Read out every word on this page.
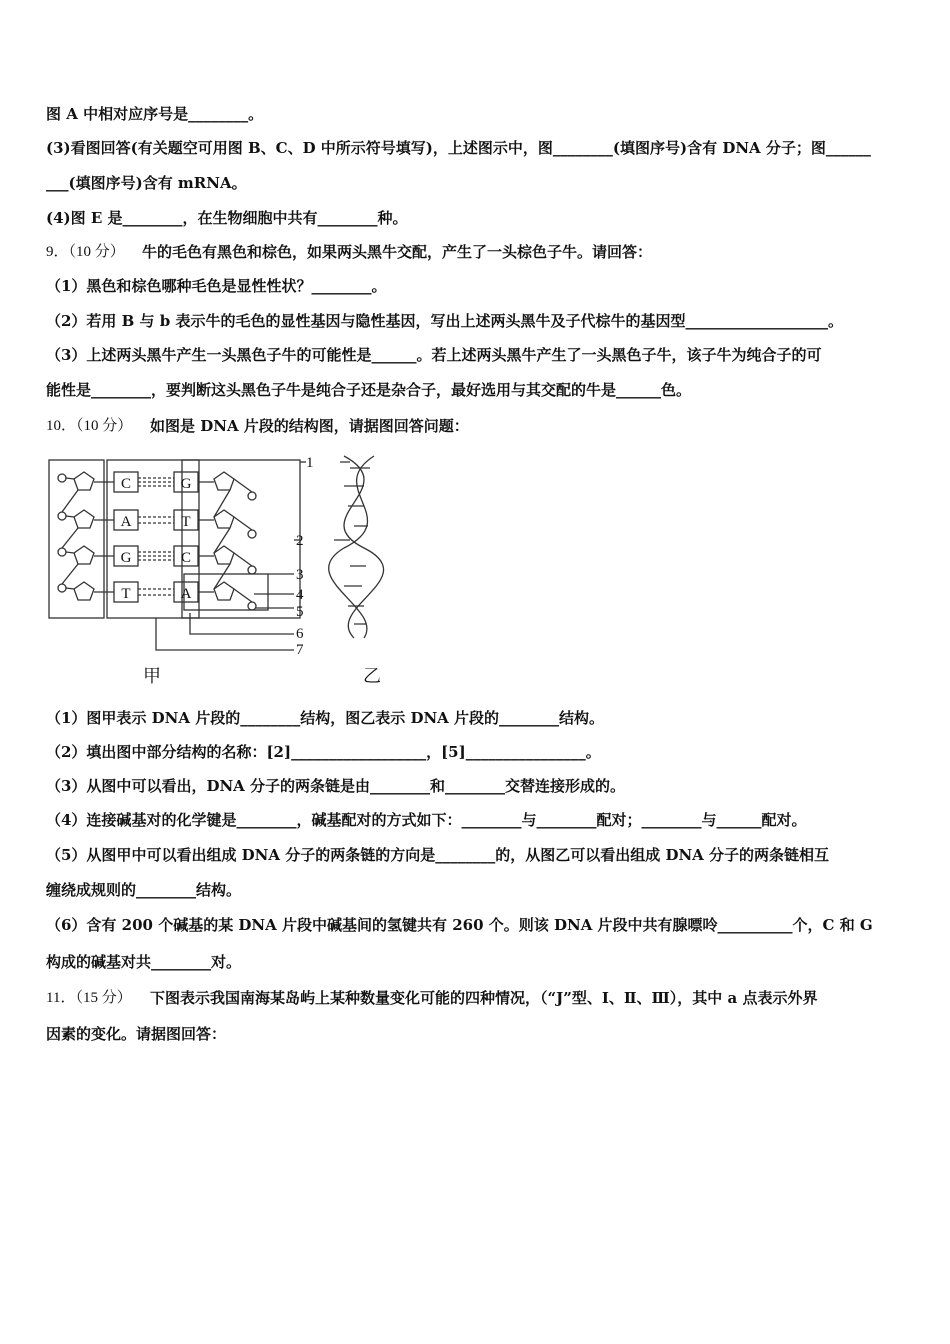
图 A 中相对应序号是________。
(3)看图回答(有关题空可用图 B、C、D 中所示符号填写)，上述图示中，图________(填图序号)含有 DNA 分子；图______
___(填图序号)含有 mRNA。
(4)图 E 是________，在生物细胞中共有________种。
9．（10 分） 牛的毛色有黑色和棕色，如果两头黑牛交配，产生了一头棕色子牛。请回答：
（1）黑色和棕色哪种毛色是显性性状？________。
（2）若用 B 与 b 表示牛的毛色的显性基因与隐性基因，写出上述两头黑牛及子代棕牛的基因型___________________。
（3）上述两头黑牛产生一头黑色子牛的可能性是______。若上述两头黑牛产生了一头黑色子牛，该子牛为纯合子的可
能性是________，要判断这头黑色子牛是纯合子还是杂合子，最好选用与其交配的牛是______色。
10．（10 分） 如图是 DNA 片段的结构图，请据图回答问题：
C
A
G
T
G
T
C
A
1
2
3
4
5
6
7
甲	乙
（1）图甲表示 DNA 片段的________结构，图乙表示 DNA 片段的________结构。
（2）填出图中部分结构的名称：[2]__________________，[5]________________。
（3）从图中可以看出，DNA 分子的两条链是由________和________交替连接形成的。
（4）连接碱基对的化学键是________，碱基配对的方式如下：________与________配对；________与______配对。
（5）从图甲中可以看出组成 DNA 分子的两条链的方向是________的，从图乙可以看出组成 DNA 分子的两条链相互
缠绕成规则的________结构。
（6）含有 200 个碱基的某 DNA 片段中碱基间的氢键共有 260 个。则该 DNA 片段中共有腺嘌呤__________个，C 和 G
构成的碱基对共________对。
11．（15 分） 下图表示我国南海某岛屿上某种数量变化可能的四种情况，（“J”型、Ⅰ、Ⅱ、Ⅲ），其中 a 点表示外界
因素的变化。请据图回答：
